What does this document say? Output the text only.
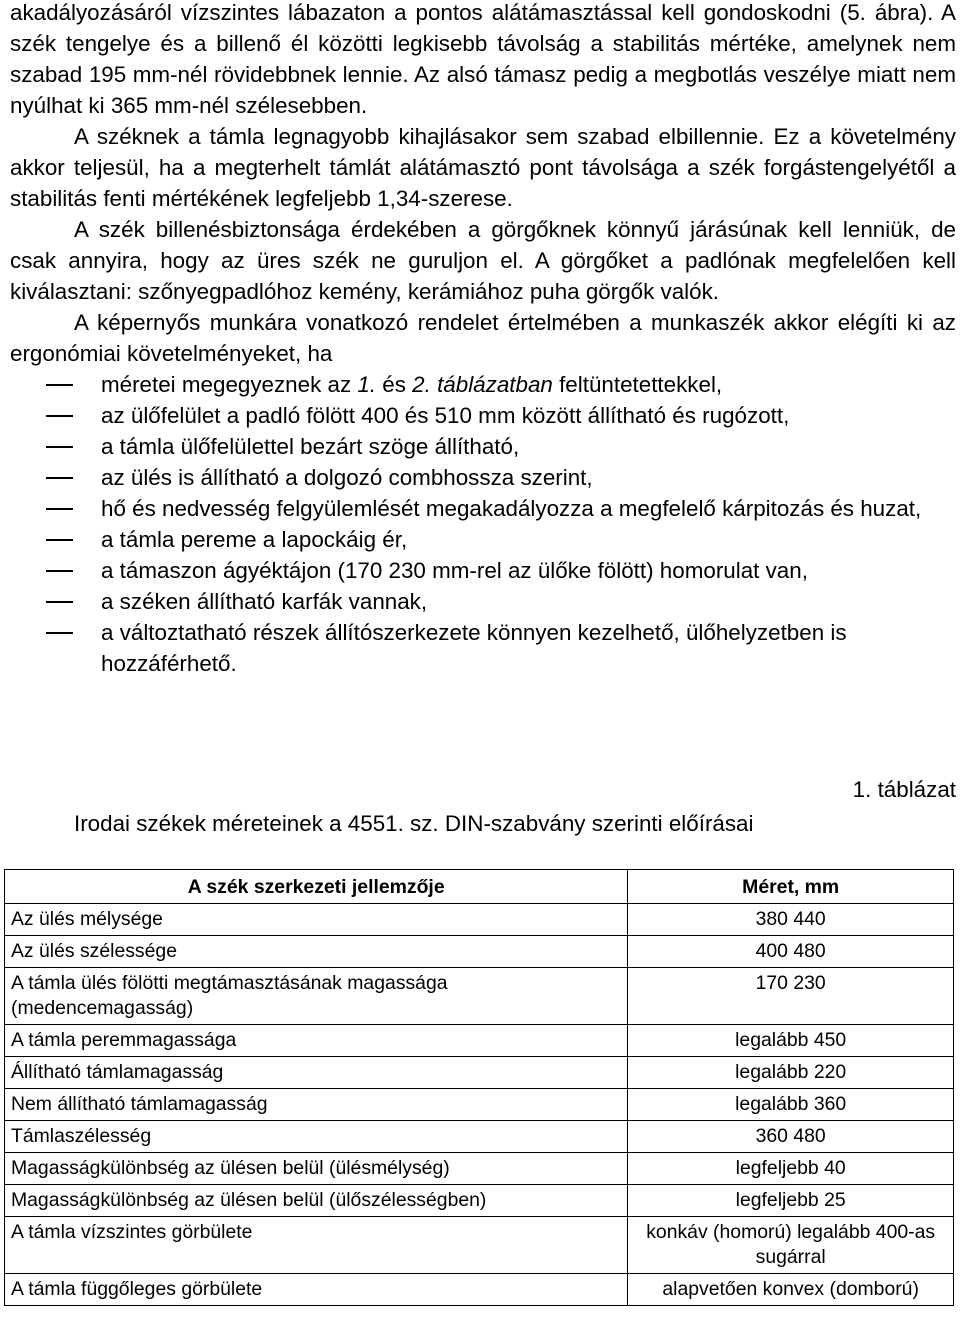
akadályozásáról vízszintes lábazaton a pontos alátámasztással kell gondoskodni (5. ábra). A szék tengelye és a billenő él közötti legkisebb távolság a stabilitás mértéke, amelynek nem szabad 195 mm-nél rövidebbnek lennie. Az alsó támasz pedig a megbotlás veszélye miatt nem nyúlhat ki 365 mm-nél szélesebben.

A széknek a támla legnagyobb kihajlásakor sem szabad elbillennie. Ez a követelmény akkor teljesül, ha a megterhelt támlát alátámasztó pont távolsága a szék forgástengelyétől a stabilitás fenti mértékének legfeljebb 1,34-szerese.

A szék billenésbiztonsága érdekében a görgőknek könnyű járásúnak kell lenniük, de csak annyira, hogy az üres szék ne guruljon el. A görgőket a padlónak megfelelően kell kiválasztani: szőnyegpadlóhoz kemény, kerámiához puha görgők valók.

A képernyős munkára vonatkozó rendelet értelmében a munkaszék akkor elégíti ki az ergonómiai követelményeket, ha

méretei megegyeznek az 1. és 2. táblázatban feltüntetettekkel,
az ülőfelület a padló fölött 400 és 510 mm között állítható és rugózott,
a támla ülőfelülettel bezárt szöge állítható,
az ülés is állítható a dolgozó combhossza szerint,
hő és nedvesség felgyülemlését megakadályozza a megfelelő kárpitozás és huzat,
a támla pereme a lapockáig ér,
a támaszon ágyéktájon (170 230 mm-rel az ülőke fölött) homorulat van,
a széken állítható karfák vannak,
a változtatható részek állítószerkezete könnyen kezelhető, ülőhelyzetben is hozzáférhető.
1. táblázat
Irodai székek méreteinek a 4551. sz. DIN-szabvány szerinti előírásai
A szék szerkezeti jellemzője	Méret, mm
Az ülés mélysége	380 440
Az ülés szélessége	400 480
A támla ülés fölötti megtámasztásának magassága (medencemagasság)	170 230
A támla peremmagassága	legalább 450
Állítható támlamagasság	legalább 220
Nem állítható támlamagasság	legalább 360
Támlaszélesség	360 480
Magasságkülönbség az ülésen belül (ülésmélység)	legfeljebb 40
Magasságkülönbség az ülésen belül (ülőszélességben)	legfeljebb 25
A támla vízszintes görbülete	konkáv (homorú) legalább 400-as sugárral
A támla függőleges görbülete	alapvetően konvex (domború)
